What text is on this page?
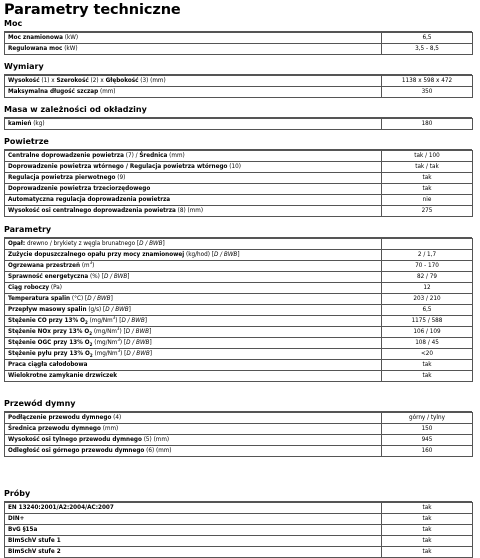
Parametry techniczne
Moc
Moc znamionowa (kW)	6,5
Regulowana moc (kW)	3,5 - 8,5
Wymiary
Wysokość (1) x Szerokość (2) x Głębokość (3) (mm)	1138 x 598 x 472
Maksymalna długość szczap (mm)	350
Masa w zależności od okładziny
kamień (kg)	180
Powietrze
Centralne doprowadzenie powietrza (7) / Średnica (mm)	tak / 100
Doprowadzenie powietrza wtórnego / Regulacja powietrza wtórnego (10)	tak / tak
Regulacja powietrza pierwotnego (9)	tak
Doprowadzenie powietrza trzeciorzędowego	tak
Automatyczna regulacja doprowadzenia powietrza	nie
Wysokość osi centralnego doprowadzenia powietrza (8) (mm)	275
Parametry
Opał: drewno / brykiety z węgla brunatnego [D / BWB]	
Zużycie dopuszczalnego opału przy mocy znamionowej (kg/hod) [D / BWB]	2 / 1,7
Ogrzewana przestrzeń $(m^3)$	70 - 170
Sprawność energetyczna (%) [D / BWB]	82 / 79
Ciąg roboczy (Pa)	12
Temperatura spalin (°C) [D / BWB]	203 / 210
Przepływ masowy spalin (g/s) [D / BWB]	6,5
Stężenie CO przy 13% $O_2$ (mg/Nm$^3$) [D / BWB]	1175 / 588
Stężenie NOx przy 13% $O_2$ (mg/Nm$^3$) [D / BWB]	106 / 109
Stężenie OGC przy 13% $O_2$ (mg/Nm$^3$) [D / BWB]	108 / 45
Stężenie pyłu przy 13% $O_2$ (mg/Nm$^3$) [D / BWB]	<20
Praca ciągła całodobowa	tak
Wielokrotne zamykanie drzwiczek	tak
Przewód dymny
Podłączenie przewodu dymnego (4)	górny / tylny
Średnica przewodu dymnego (mm)	150
Wysokość osi tylnego przewodu dymnego (5) (mm)	945
Odległość osi górnego przewodu dymnego (6) (mm)	160
Próby
EN 13240:2001/A2:2004/AC:2007	tak
DIN+	tak
BvG §15a	tak
BImSchV stufe 1	tak
BImSchV stufe 2	tak
